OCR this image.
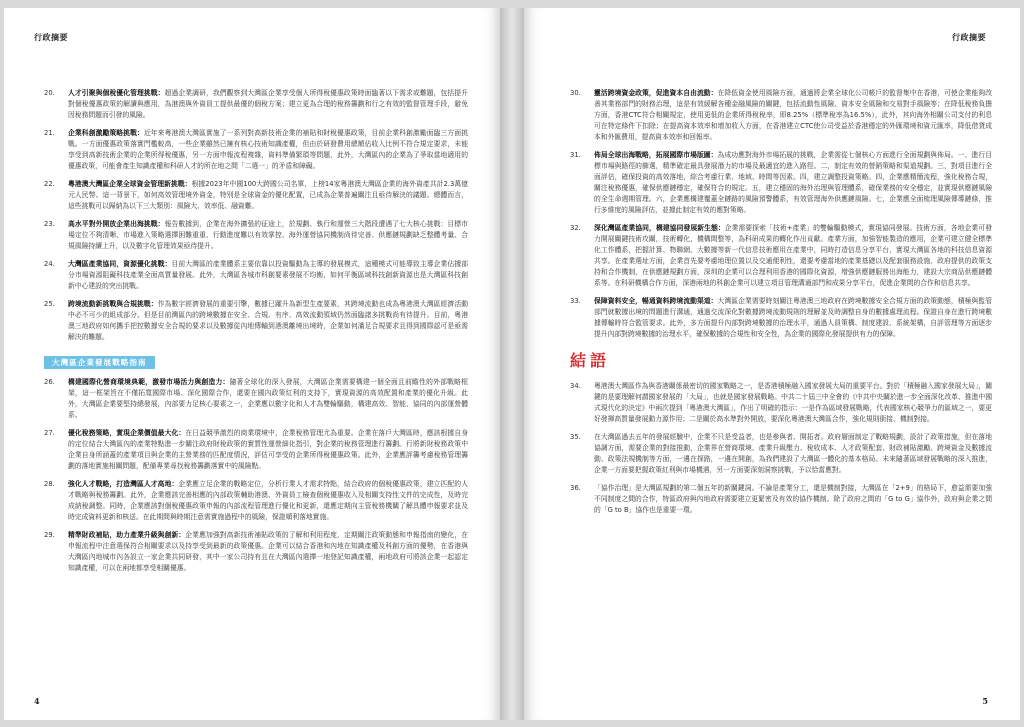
行政摘要
20.	人才引聚與個稅優化管理挑戰：超過企業調研，我們觀察到大灣區企業享受個人所得稅優惠政策時面臨著以下需求或難題，包括提升對個稅優惠政策的解讀與應用，為港澳與外資員工提供最優的個稅方案；建立更為合理的稅務籌劃和行之有效的監督管理手段，避免因稅務問題而引發的風險。
21.	企業科創激勵策略挑戰：近年來粵港澳大灣區實施了一系列對高新技術企業的補貼和財稅優惠政策，目前企業科創激勵面臨三方面挑戰。一方面優惠政策落實門檻較高，一些企業雖然已擁有核心技術知識產權，但由於研發費用總額佔收入比例不符合規定要求，未能享受到高新技術企業的企業所得稅優惠，另一方面申報流程複雜，資料準備繁瑣等問題，此外，大灣區內的企業為了爭取當地適用的優惠政策，可能會產生知識產權和科研人才的所在地之間「二選一」的矛盾和障礙。
22.	粵港澳大灣區企業全球資金管理新挑戰：根據2023年中國100大跨國公司名單，上榜14家粵港澳大灣區企業的海外資產共計2.3萬億元人民幣。這一背景下，如何高效管理境外資金，特別是全球資金的優化配置，已成為企業普遍關注且亟待解決的議題。總體而言，這些挑戰可以歸納為以下三大類別：風險大、效率低、融資難。
23.	高水平對外開放企業出海挑戰：報告數據到，企業在海外擴張的征途上，於規劃、執行和運營三大階段遭遇了七大核心挑戰：目標市場定位不夠清晰、市場進入策略選擇困難重重、行動進度難以有效掌控、海外運營協同機制尚待完善、供應鏈規劃缺乏整體考量、合規風險持續上升，以及數字化管理效果亟待提升。
24.	大灣區產業協同，資源優化挑戰：目前大灣區的產業體系主要依靠以投資驅動為主導的發展模式，這種模式可能導致主導企業佔據部分市場資源阻礙科技產業全面高質量發展。此外，大灣區各城市科創要素發展不均衡，如何平衡區域科技創新資源也是大灣區科技創新中心建設的突出挑戰。
25.	跨境流動新挑戰與合規挑戰：作為數字經濟發展的重要引擎，數據已躍升為新型生產要素，其跨境流動也成為粵港澳大灣區經濟活動中必不可少的組成部分。但是目前灣區內的跨境數據在安全、合規、有序、高效流動領域仍然面臨諸多挑戰尚有待提升。目前，粵港澳三地政府如何攜手把控數據安全合規的要求以及數據從內地傳輸到港澳離境出境時，企業如何滿足合規要求且得到國際認可是亟需解決的難題。
大灣區企業發展戰略指南
26.	構建國際化營商環境典範，激發市場活力與創造力：隨著全球化的深入發展，大灣區企業需要構建一個全面且前瞻性的外部戰略框架，這一框架旨在不僅拓寬國際市場、深化國際合作，還要在國內政策紅利的支持下，實現資源的高效配置和產業的優化升級。此外，大灣區企業要堅持總發展，內部要力足核心要素之一，企業應以數字化和人才為雙輪驅動，構建高效、智能、協同的內部運營體系。
27.	優化稅務策略，實現企業價值最大化：在日益競爭激烈的商業環境中，企業稅務管理尤為重要。企業在落戶大灣區時，應該根據自身的定位結合大灣區內的產業特點進一步關注政府財稅政策的實質性運營細化指引，對企業的稅務管理進行籌劃。行將新財稅務政策中企業自身所涵蓋的產業項目與企業的主營業務的匹配度情況，評估可享受的企業所得稅優惠政策。此外，企業應評籌考慮稅務管理籌劃的落地實施相關問題，配備專業尋找稅務籌劃落實中的風險點。
28.	強化人才戰略，打造灣區人才高地：企業應立足企業的戰略定位，分析行業人才需求特點，結合政府的個稅優惠政策，建立匹配的人才戰略與稅務籌劃。此外，企業應該完善相應的內部政策輔助港澳、外資員工檢查個稅優惠收入及相關支持性文件的完成性，及時完成納稅調整。同時，企業應該對個稅優惠政策申報的內部流程管理進行優化和更新，還應定期向主管稅務機關了解具體申報要求並及時完成資料更新和核送。在此期間與時期注意需實施過程中的風險，保證順利落地實施。
29.	精準財政補貼，助力產業升級與創新：企業應加強對高新技術補貼政策的了解和利用程度，定期關注政策動態和申報指南的變化，在申報流程中注意選保符合相關要求以及持享受到最新的政策優惠。企業可以結合香港和內地在知識產權及科創方面的優勢，在香港與大灣區內地城市內各設立一家企業共同研發，其中一家公司持有且在大灣區內選擇一地登記知識產權，兩地政府可將該企業一起認定知識產權，可以在兩地都享受相關優惠。
4
行政摘要
30.	靈活跨境資金政策，促進資本自由流動：在降低資金使用風險方面，通過將企業全球化公司帳戶的監督集中在香港，可使企業能夠改善其業務部門的財務治理，這是有效緩解各種金融風險的關鍵，包括流動性風險、資本安全風險和交易對手風險等；在降低稅務負擔方面，香港CTC符合相關規定，使用更低的企業所得稅稅率，即8.25%（標準稅率為16.5%），此外，其向海外相關公司支付的利息可在特定條件下扣除；在提高資本效率和增加收入方面，在香港建立CTC使公司受益於香港穩定的外匯環境和資元匯率，降低借貸成本和外匯費用，提高資本效率和回報率。
31.	佈局全球出海戰略，拓展國際市場版圖：為成功應對海外市場拓展的挑戰，企業需從七個核心方面進行全面規劃與佈局。一、進行目標市場與路徑的篩選，精準確定最具發展潛力的市場及最適宜的進入路徑。二，制定有效的營銷策略和渠道規劃。三，對項目進行全面評估，確保投資的高效落地，綜合考慮行業、地域、時間等因素。四，建立調整投資策略。四，企業應精簡流程，強化稅務合規，關注稅務優惠，確保供應鏈穩定，確保符合的規定。五，建立穩固的海外治理與管理體系，確保業務的安全穩定，並實現供應鏈風險的全生命週期管理。六，企業應構建覆蓋全鏈路的風險預警體系，有效管理海外供應鏈風險。七，企業應全面梳理風險傳導鏈條，推行多維度的風險評估，並據此制定有效的應對策略。
32.	深化灣區產業協同，構建協同發展新生態：企業需要探索「技術+產業」的雙輪驅動模式，實現協同發展。技術方面，各地企業可發力開展關鍵技術攻關，技術轉化，機構間整等，為科研成果的轉化作出貢獻。產業方面，加強智能製造的應用，企業可建立健全標準化工作體系，把握計算、物聯網、大數據等新一代信息技術應用在產業中，同時打造信息分享平台，實現大灣區各地的科技信息資源共享。在產業選址方面，企業首先要考慮地理位置以及交通便利性，還要考慮當地的產業基礎以及配套服務設施、政府提供的政策支持和合作機制，在供應鏈規劃方面，深圳的企業可以合理利用香港的國際化資源，增強供應鏈服務出海能力，建設大宗商品供應鏈體系等。在科研機構合作方面，深港兩地的科創企業可以建立項目管理溝通部門和成果分享平台，促進企業間的合作和信息共享。
33.	保障資料安全，暢通資料跨境流動渠道：大灣區企業需要時刻關注粵港澳三地政府在跨境數據安全合規方面的政策動態，積極與監管部門就數據出境的問題進行溝通，通過交流深化對數據跨境流動規則的理解並及時調整自身的數據處理流程。保證自身在進行跨境數據傳輸時符合監管要求。此外，多方面提升內部對跨境數據的治理水平，通過人員策構、制度建設、系統架構，自評管理等方面逐步提升內部對跨境數據的治理水平，確保數據的合規性和安全性，為企業的國際化發展提供有力的保障。
結語
34.	粵港澳大灣區作為與香港關係最密切的國家戰略之一，是香港積極融入國家發展大局的重要平台。對於「積極融入國家發展大局」，關鍵的是要理解何謂國家發展的「大局」，也就是國家發展戰略。中共二十屆三中全會的《中共中央關於進一步全面深化改革、推進中國式現代化的決定》中兩次提到「粵港澳大灣區」，作出了明確的指示：一是作為區域發展戰略，代表國家核心競爭力的區域之一，要更好發揮高質量發展動力源作用；二是關於高水準對外開放，要深化粵港澳大灣區合作，強化規則銜接、機制對接。
35.	在大灣區過去五年的發展經驗中，企業不只是受益者，也是參與者、開拓者。政府層面制定了戰略規劃，設計了政策措施，但在落地協調方面，需要企業的對接推動，企業界在營商環境、產業升級壓力、稅收成本、人才政策配套、財政補貼激勵、跨境資金及數據流動、政策法規機制等方面，一邊在探路，一邊在開創，為我們建設了大灣區一體化的基本格局。未來隨著區域發展戰略的深入推進，企業一方面要把握政策紅利與市場機遇，另一方面要深刻洞察挑戰，予以恰當應對。
36.	「協作治理」是大灣區規劃的第二個五年的新關鍵詞。不論是產業分工，還是機制對接，大灣區在「2+9」的格局下，愈益需要加強不同制度之間的合作，特區政府與內地政府需要建立更緊密及有效的協作機制。除了政府之間的「G to G」協作外，政府與企業之間的「G to B」協作也是重要一環。
5
